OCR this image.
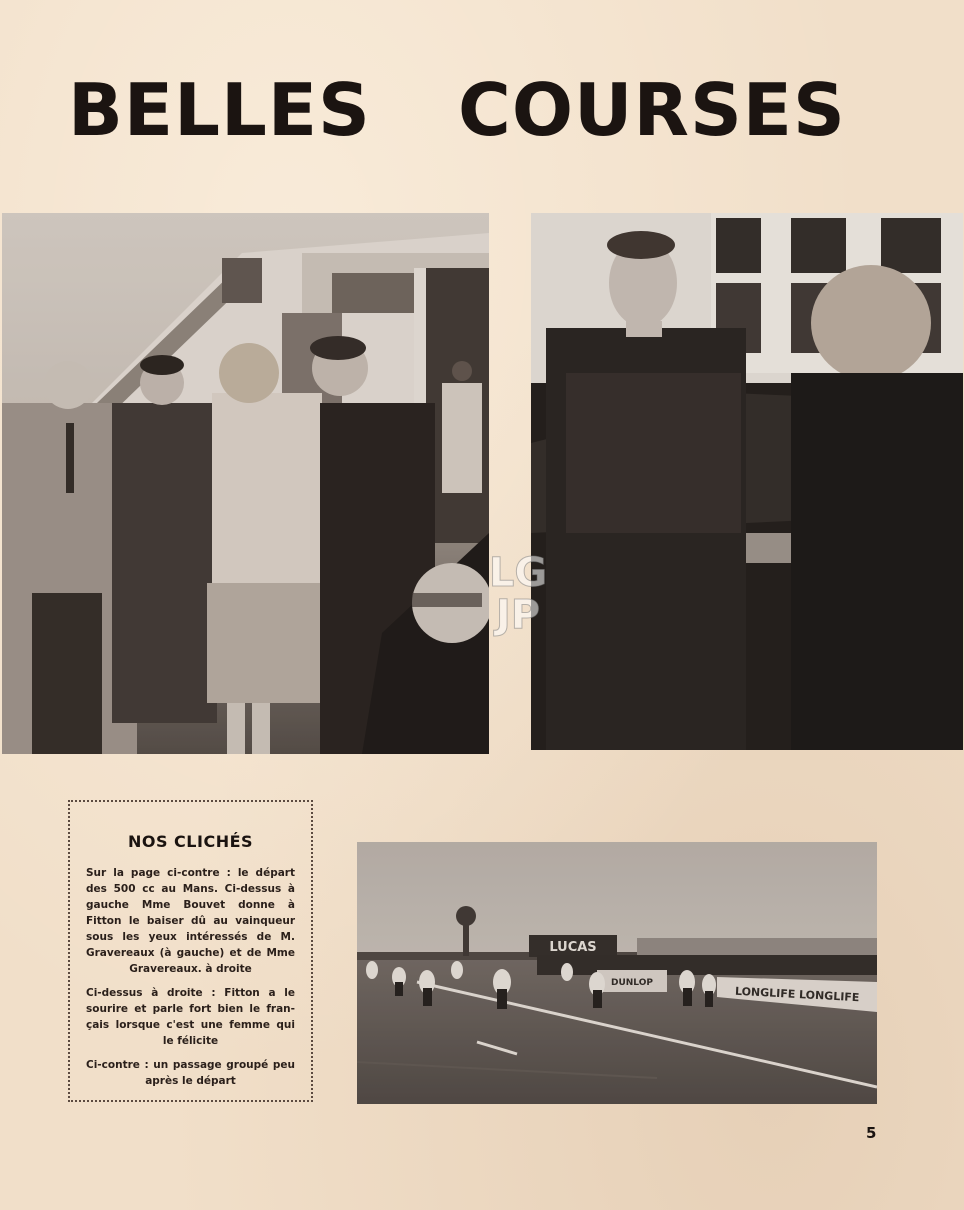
BELLES COURSES
LG
JP
NOS CLICHÉS

Sur la page ci-contre : le départ des 500 cc au Mans. Ci-dessus à gauche Mme Bouvet donne à Fitton le baiser dû au vainqueur sous les yeux intéressés de M. Gravereaux (à gauche) et de Mme Gravereaux. à droite

Ci-dessus à droite : Fitton a le sourire et parle fort bien le fran-çais lorsque c'est une femme qui le félicite

Ci-contre : un passage groupé peu après le départ

LUCAS
DUNLOP
LONGLIFE LONGLIFE
5
